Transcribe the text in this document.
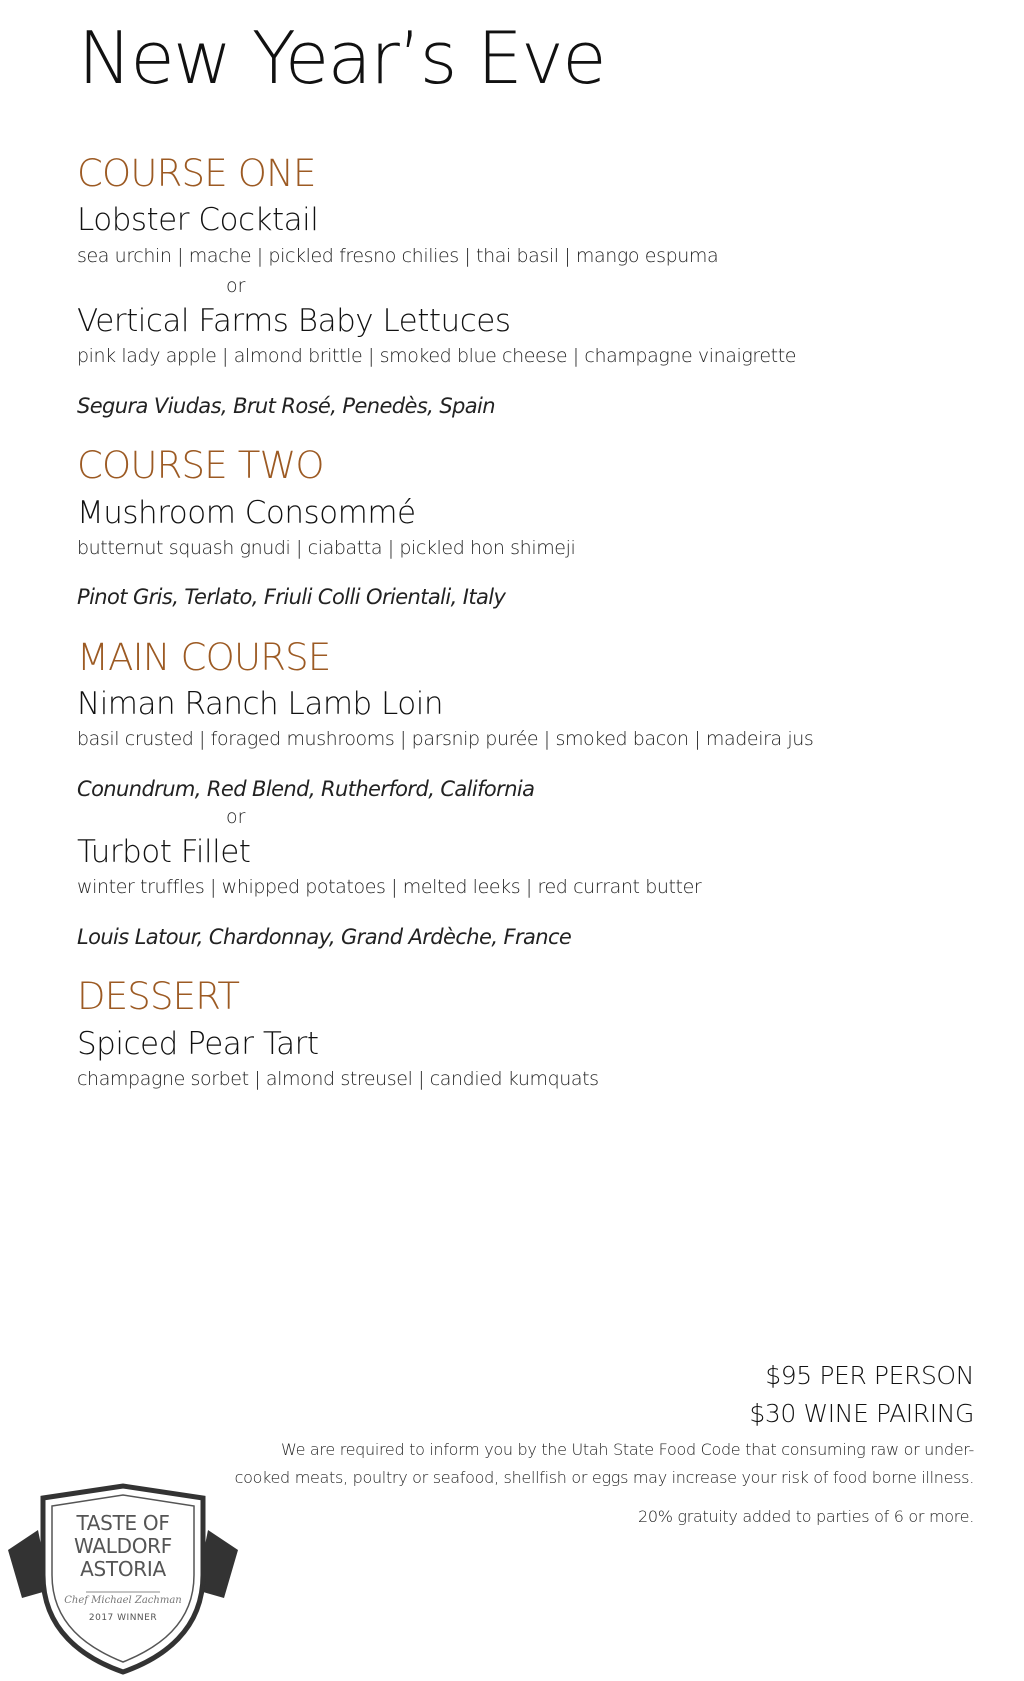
New Year’s Eve
COURSE ONE

Lobster Cocktail

sea urchin | mache | pickled fresno chilies | thai basil | mango espuma

or

Vertical Farms Baby Lettuces

pink lady apple | almond brittle | smoked blue cheese | champagne vinaigrette

Segura Viudas, Brut Rosé, Penedès, Spain

COURSE TWO

Mushroom Consommé

butternut squash gnudi | ciabatta | pickled hon shimeji

Pinot Gris, Terlato, Friuli Colli Orientali, Italy

MAIN COURSE

Niman Ranch Lamb Loin

basil crusted | foraged mushrooms | parsnip purée | smoked bacon | madeira jus

Conundrum, Red Blend, Rutherford, California

or

Turbot Fillet

winter truffles | whipped potatoes | melted leeks | red currant butter

Louis Latour, Chardonnay, Grand Ardèche, France

DESSERT

Spiced Pear Tart

champagne sorbet | almond streusel | candied kumquats

$95 PER PERSON

$30 WINE PAIRING

We are required to inform you by the Utah State Food Code that consuming raw or under-

cooked meats, poultry or seafood, shellfish or eggs may increase your risk of food borne illness.

20% gratuity added to parties of 6 or more.

TASTE OF
WALDORF
ASTORIA
Chef Michael Zachman
2017 WINNER
